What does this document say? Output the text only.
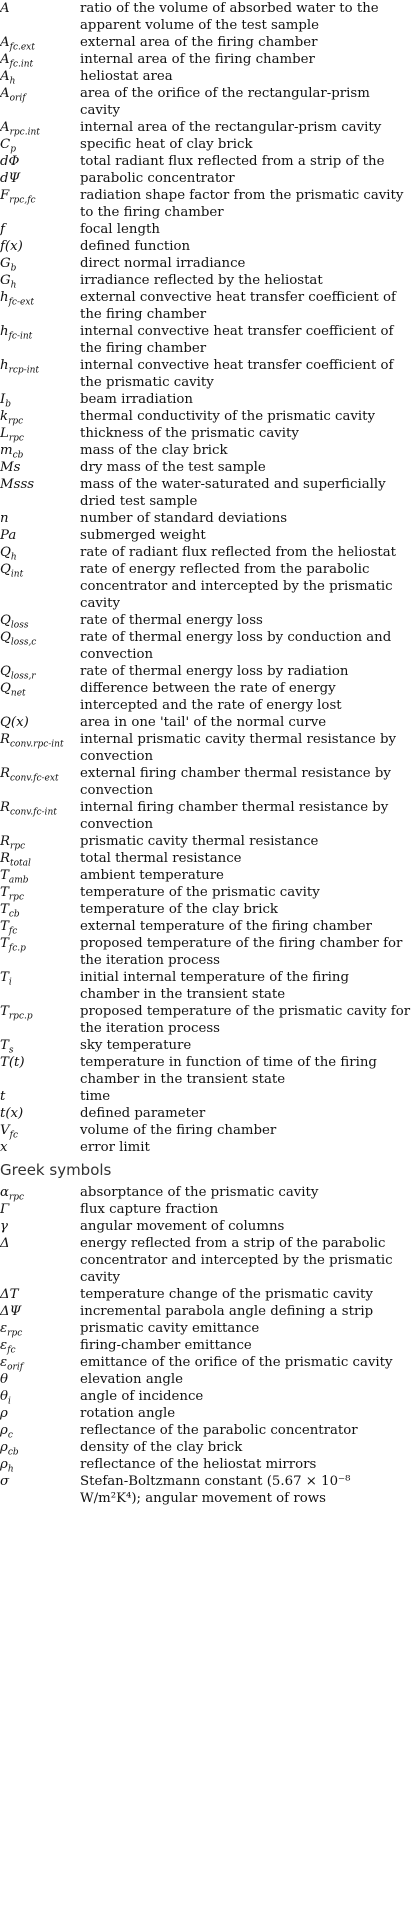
A	ratio of the volume of absorbed water to the apparent volume of the test sample
$A_{fc.ext}$	external area of the firing chamber
$A_{fc.int}$	internal area of the firing chamber
$A_h$	heliostat area
$A_{orif}$	area of the orifice of the rectangular-prism cavity
$A_{rpc.int}$	internal area of the rectangular-prism cavity
$C_p$	specific heat of clay brick
dΦ	total radiant flux reflected from a strip of the
dΨ	parabolic concentrator
$F_{rpc,fc}$	radiation shape factor from the prismatic cavity to the firing chamber
f	focal length
f(x)	defined function
$G_b$	direct normal irradiance
$G_h$	irradiance reflected by the heliostat
$h_{fc-ext}$	external convective heat transfer coefficient of the firing chamber
$h_{fc-int}$	internal convective heat transfer coefficient of the firing chamber
$h_{rcp-int}$	internal convective heat transfer coefficient of the prismatic cavity
$I_b$	beam irradiation
$k_{rpc}$	thermal conductivity of the prismatic cavity
$L_{rpc}$	thickness of the prismatic cavity
$m_{cb}$	mass of the clay brick
Ms	dry mass of the test sample
Msss	mass of the water-saturated and superficially dried test sample
n	number of standard deviations
Pa	submerged weight
$Q_h$	rate of radiant flux reflected from the heliostat
$Q_{int}$	rate of energy reflected from the parabolic concentrator and intercepted by the prismatic cavity
$Q_{loss}$	rate of thermal energy loss
$Q_{loss,c}$	rate of thermal energy loss by conduction and convection
$Q_{loss,r}$	rate of thermal energy loss by radiation
$Q_{net}$	difference between the rate of energy intercepted and the rate of energy lost
Q(x)	area in one 'tail' of the normal curve
$R_{conv.rpc-int}$	internal prismatic cavity thermal resistance by convection
$R_{conv.fc-ext}$	external firing chamber thermal resistance by convection
$R_{conv.fc-int}$	internal firing chamber thermal resistance by convection
$R_{rpc}$	prismatic cavity thermal resistance
$R_{total}$	total thermal resistance
$T_{amb}$	ambient temperature
$T_{rpc}$	temperature of the prismatic cavity
$T_{cb}$	temperature of the clay brick
$T_{fc}$	external temperature of the firing chamber
$T_{fc.p}$	proposed temperature of the firing chamber for the iteration process
$T_i$	initial internal temperature of the firing chamber in the transient state
$T_{rpc.p}$	proposed temperature of the prismatic cavity for the iteration process
$T_s$	sky temperature
T(t)	temperature in function of time of the firing chamber in the transient state
t	time
t(x)	defined parameter
$V_{fc}$	volume of the firing chamber
x	error limit
Greek symbols
$\alpha_{rpc}$	absorptance of the prismatic cavity
Γ	flux capture fraction
γ	angular movement of columns
Δ	energy reflected from a strip of the parabolic concentrator and intercepted by the prismatic cavity
ΔT	temperature change of the prismatic cavity
ΔΨ	incremental parabola angle defining a strip
$\varepsilon_{rpc}$	prismatic cavity emittance
$\varepsilon_{fc}$	firing-chamber emittance
$\varepsilon_{orif}$	emittance of the orifice of the prismatic cavity
θ	elevation angle
$\theta_i$	angle of incidence
ρ	rotation angle
$\rho_c$	reflectance of the parabolic concentrator
$\rho_{cb}$	density of the clay brick
$\rho_h$	reflectance of the heliostat mirrors
σ	Stefan-Boltzmann constant (5.67 × 10⁻⁸ W/m²K⁴); angular movement of rows
